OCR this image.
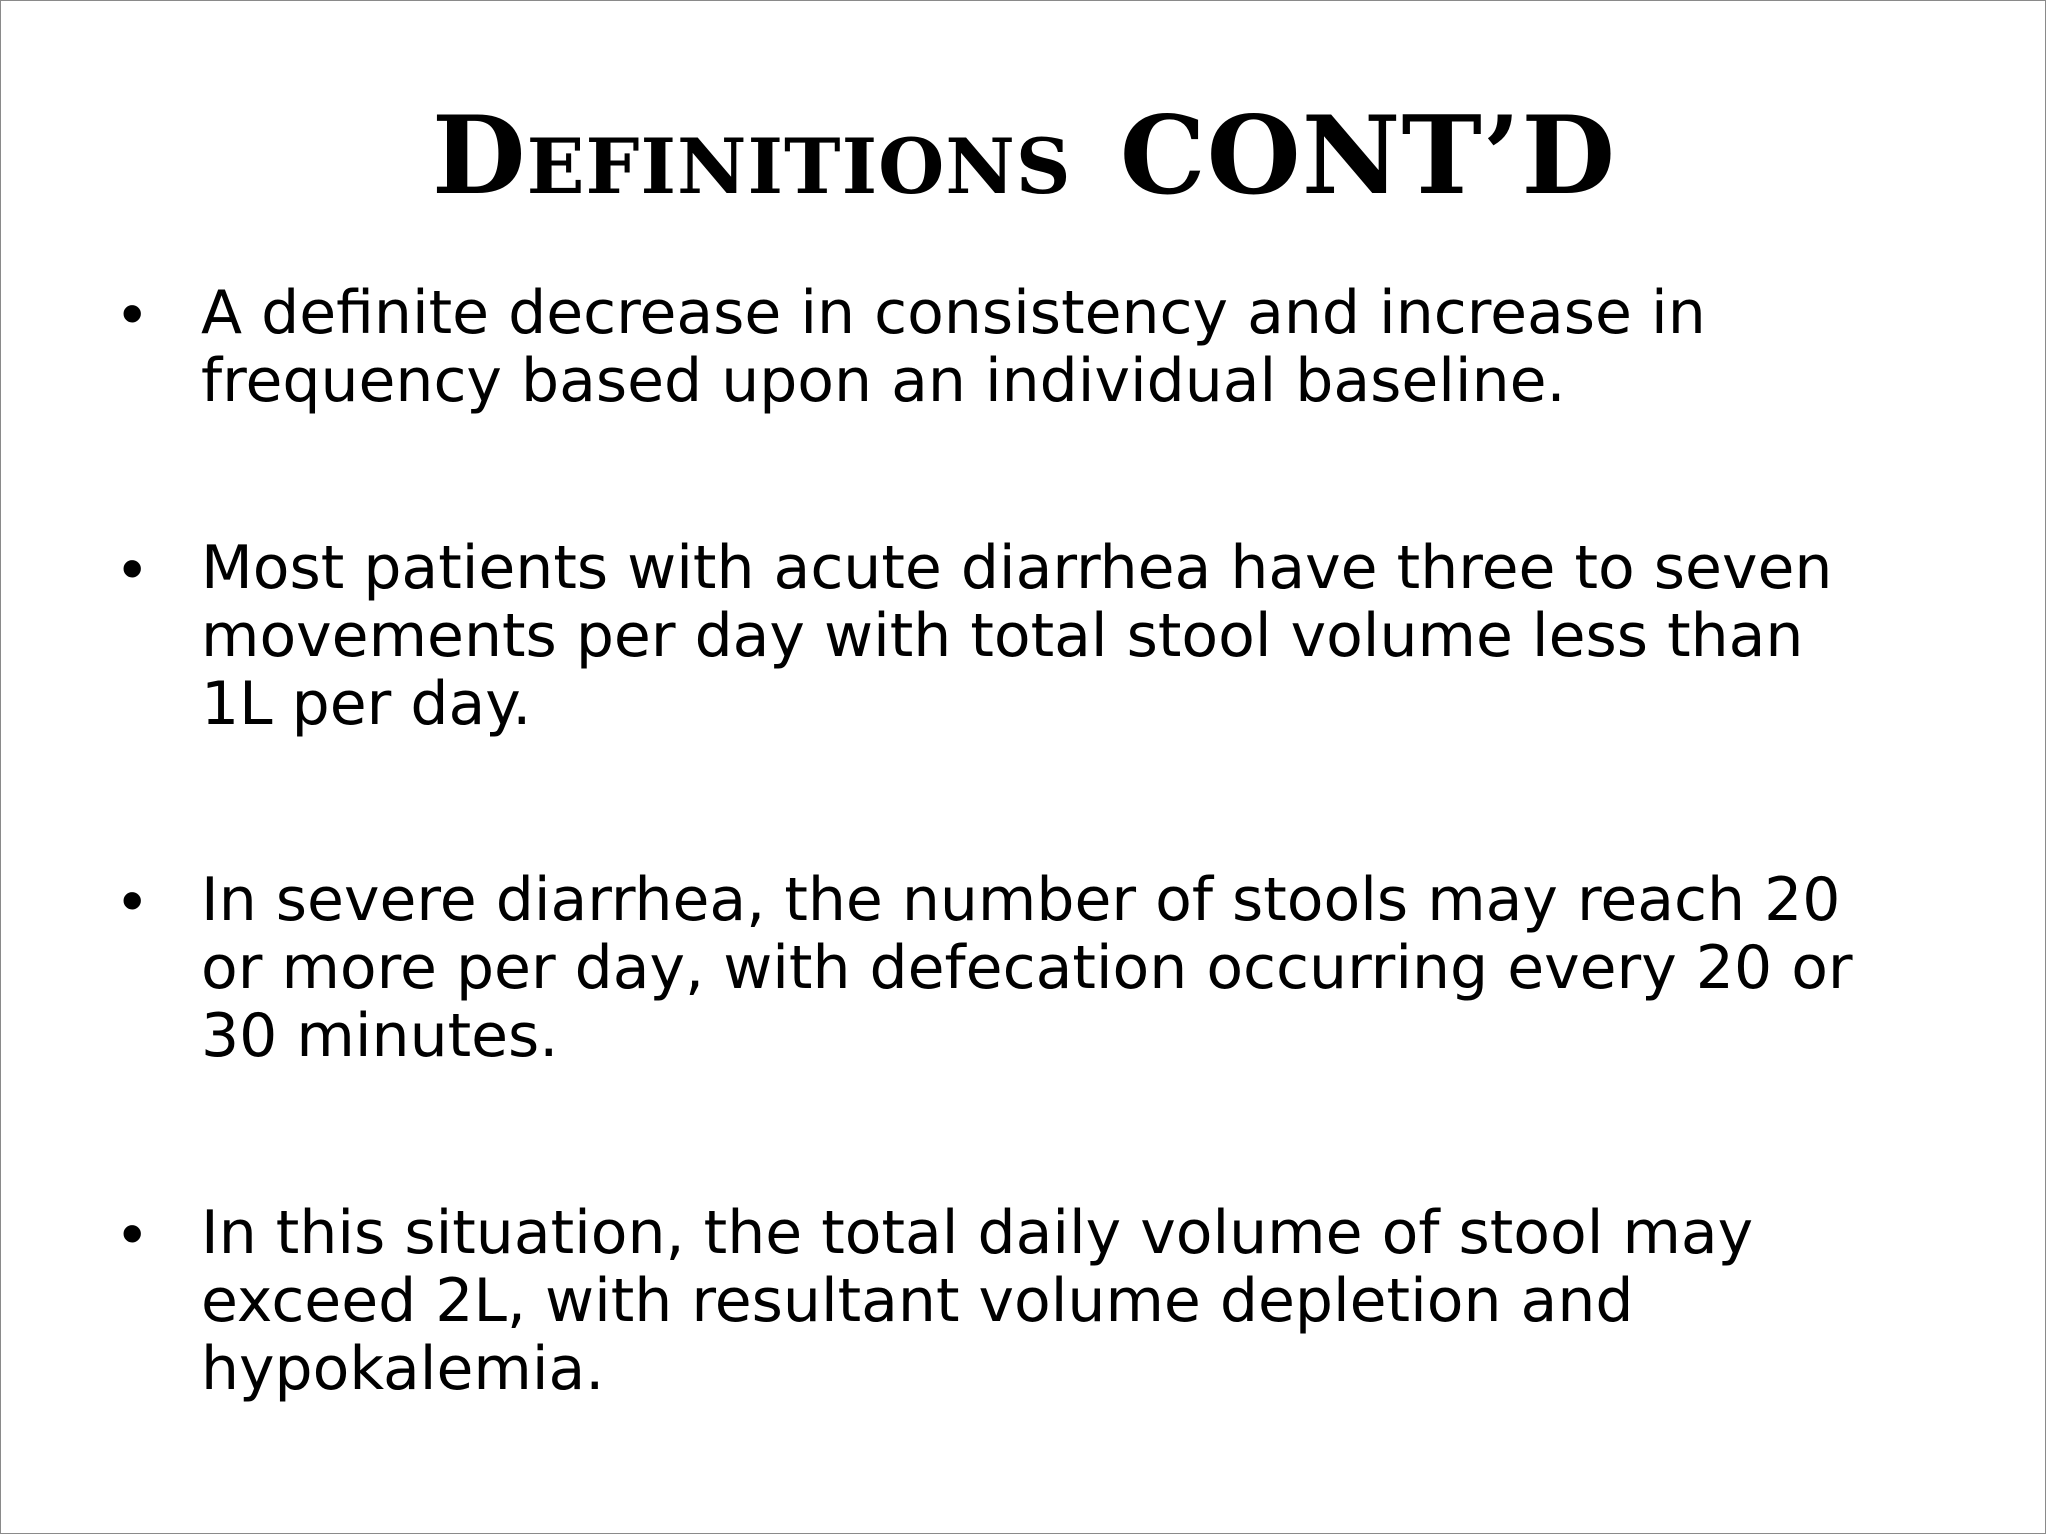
Definitions CONT’D
• A definite decrease in consistency and increase in
frequency based upon an individual baseline.
• Most patients with acute diarrhea have three to seven
movements per day with total stool volume less than
1L per day.
• In severe diarrhea, the number of stools may reach 20
or more per day, with defecation occurring every 20 or
30 minutes.
• In this situation, the total daily volume of stool may
exceed 2L, with resultant volume depletion and
hypokalemia.
